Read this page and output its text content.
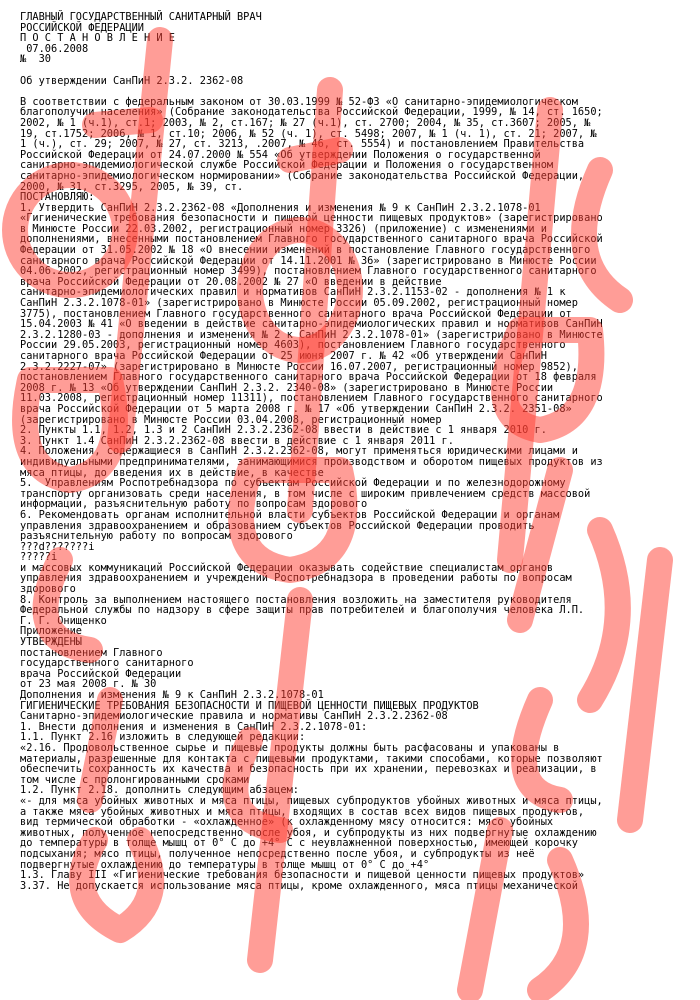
ГЛАВНЫЙ ГОСУДАРСТВЕННЫЙ САНИТАРНЫЙ ВРАЧ
РОССИЙСКОЙ ФЕДЕРАЦИИ
П О С Т А Н О В Л Е Н И Е
07.06.2008
№  30
Об утверждении СанПиН 2.3.2. 2362-08
В соответствии с федеральным законом от 30.03.1999 № 52-ФЗ «О санитарно-эпидемиологическом
благополучии населения» (Собрание законодательства Российской Федерации, 1999, № 14, ст. 1650;
2002, № 1 (ч.1), ст.1; 2003, № 2, ст.167; № 27 (ч.1), ст. 2700; 2004, № 35, ст.3607; 2005, №
19, ст.1752; 2006, № 1, ст.10; 2006, № 52 (ч. 1), ст. 5498; 2007, № 1 (ч. 1), ст. 21; 2007, №
1 (ч.), ст. 29; 2007, № 27, ст. 3213, .2007, № 46, ст. 5554) и постановлением Правительства
Российской Федерации от 24.07.2000 № 554 «Об утверждении Положения о государственной
санитарно-эпидемиологической службе Российской Федерации и Положения о государственном
санитарно-эпидемиологическом нормировании» (Собрание законодательства Российской Федерации,
2000, № 31, ст.3295, 2005, № 39, ст.
ПОСТАНОВЛЯЮ:
1. Утвердить СанПиН 2.3.2.2362-08 «Дополнения и изменения № 9 к СанПиН 2.3.2.1078-01
«Гигиенические требования безопасности и пищевой ценности пищевых продуктов» (зарегистрировано
в Минюсте России 22.03.2002, регистрационный номер 3326) (приложение) с изменениями и
дополнениями, внесенными постановлением Главного государственного санитарного врача Российской
Федерации от 31.05.2002 № 18 «О внесении изменений в постановление Главного государственного
санитарного врача Российской Федерации от 14.11.2001 № 36» (зарегистрировано в Минюсте России
04.06.2002, регистрационный номер 3499), постановлением Главного государственного санитарного
врача Российской Федерации от 20.08.2002 № 27 «О введении в действие
санитарно-эпидемиологических правил и нормативов СанПиН 2.3.2.1153-02 - дополнения № 1 к
СанПиН 2.3.2.1078-01» (зарегистрировано в Минюсте России 05.09.2002, регистрационный номер
3775), постановлением Главного государственного санитарного врача Российской Федерации от
15.04.2003 № 41 «О введении в действие санитарно-эпидемиологических правил и нормативов СанПиН
2.3.2.1280-03 - дополнения и изменения № 2 к СанПиН 2.3.2.1078-01» (зарегистрировано в Минюсте
России 29.05.2003, регистрационный номер 4603), постановлением Главного государственного
санитарного врача Российской Федерации от 25 июня 2007 г. № 42 «Об утверждении СанПиН
2.3.2.2227-07» (зарегистрировано в Минюсте России 16.07.2007, регистрационный номер 9852),
постановлением Главного государственного санитарного врача Российской Федерации от 18 февраля
2008 г. № 13 «Об утверждении СанПиН 2.3.2. 2340-08» (зарегистрировано в Минюсте России
11.03.2008, регистрационный номер 11311), постановлением Главного государственного санитарного
врача Российской Федерации от 5 марта 2008 г. № 17 «Об утверждении СанПиН 2.3.2. 2351-08»
(зарегистрировано в Минюсте России 03.04.2008, регистрационный номер
2. Пункты 1.1, 1.2, 1.3 и 2 СанПиН 2.3.2.2362-08 ввести в действие с 1 января 2010 г.
3. Пункт 1.4 СанПиН 2.3.2.2362-08 ввести в действие с 1 января 2011 г.
4. Положения, содержащиеся в СанПиН 2.3.2.2362-08, могут применяться юридическими лицами и
индивидуальными предпринимателями, занимающимися производством и оборотом пищевых продуктов из
мяса птицы, до введения их в действие, в качестве
5.  Управлениям Роспотребнадзора по субъектам Российской Федерации и по железнодорожному
транспорту организовать среди населения, в том числе с широким привлечением средств массовой
информации, разъяснительную работу по вопросам здорового
6. Рекомендовать органам исполнительной власти субъектов Российской Федерации и органам
управления здравоохранением и образованием субъектов Российской Федерации проводить
разъяснительную работу по вопросам здорового
???d???????i
?????i
и массовых коммуникаций Российской Федерации оказывать содействие специалистам органов
управления здравоохранением и учреждений Роспотребнадзора в проведении работы по вопросам
здорового
8. Контроль за выполнением настоящего постановления возложить на заместителя руководителя
Федеральной службы по надзору в сфере защиты прав потребителей и благополучия человека Л.П.
Г. Г. Онищенко
Приложение
УТВЕРЖДЕНЫ
постановлением Главного
государственного санитарного
врача Российской Федерации
от 23 мая 2008 г. № 30
Дополнения и изменения № 9 к СанПиН 2.3.2.1078-01
ГИГИЕНИЧЕСКИЕ ТРЕБОВАНИЯ БЕЗОПАСНОСТИ И ПИЩЕВОЙ ЦЕННОСТИ ПИЩЕВЫХ ПРОДУКТОВ
Санитарно-эпидемиологические правила и нормативы СанПиН 2.3.2.2362-08
1. Внести дополнения и изменения в СанПиН 2.3.2.1078-01:
1.1. Пункт 2.16 изложить в следующей редакции:
«2.16. Продовольственное сырье и пищевые продукты должны быть расфасованы и упакованы в
материалы, разрешенные для контакта с пищевыми продуктами, такими способами, которые позволяют
обеспечить сохранность их качества и безопасность при их хранении, перевозках и реализации, в
том числе с пролонгированными сроками
1.2. Пункт 2.18. дополнить следующим абзацем:
«- для мяса убойных животных и мяса птицы, пищевых субпродуктов убойных животных и мяса птицы,
а также мяса убойных животных и мяса птицы, входящих в состав всех видов пищевых продуктов,
вид термической обработки - «охлажденное» (к охлажденному мясу относится: мясо убойных
животных, полученное непосредственно после убоя, и субпродукты из них подвергнутые охлаждению
до температуры в толще мышц от 0° С до +4° С с неувлажненной поверхностью, имеющей корочку
подсыхания; мясо птицы, полученное непосредственно после убоя, и субпродукты из неё
подвергнутые охлаждению до температуры в толще мышц от 0° С до +4°
1.3. Главу III «Гигиенические требования безопасности и пищевой ценности пищевых продуктов»
3.37. Не допускается использование мяса птицы, кроме охлажденного, мяса птицы механической
